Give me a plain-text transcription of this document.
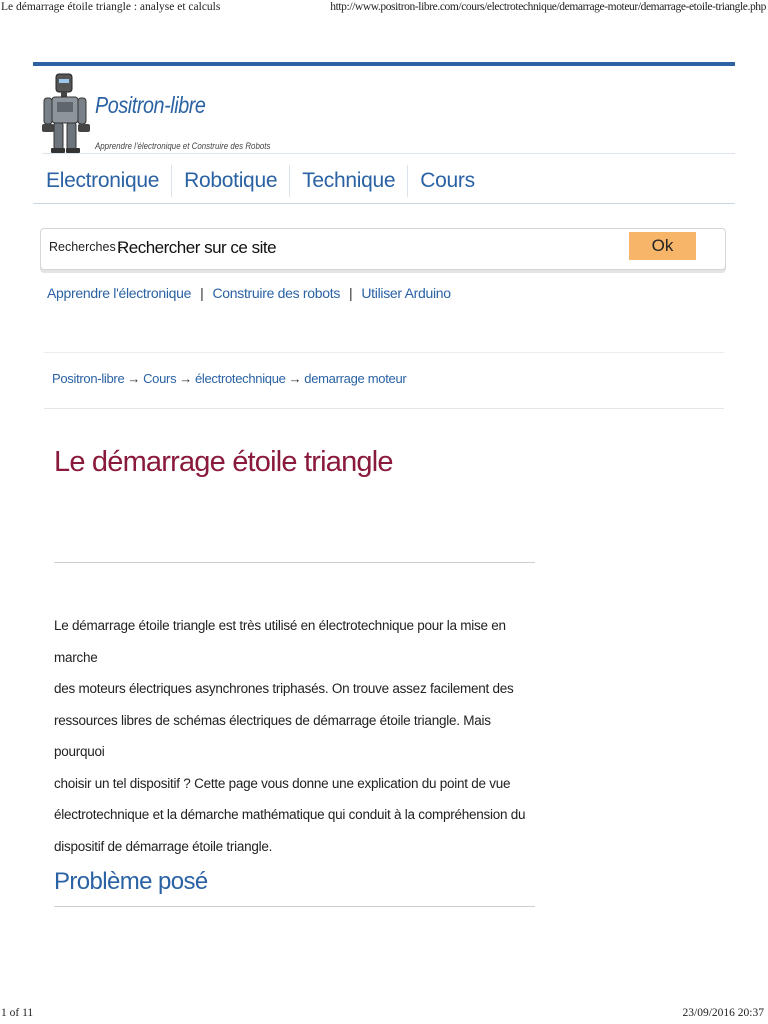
Le démarrage étoile triangle : analyse et calculs	http://www.positron-libre.com/cours/electrotechnique/demarrage-moteur/demarrage-etoile-triangle.php
Positron-libre
Apprendre l'électronique et Construire des Robots
Electronique	Robotique	Technique	Cours
Recherches :
Rechercher sur ce site	Ok
Apprendre l'électronique | Construire des robots | Utiliser Arduino
Positron-libre → Cours → électrotechnique → demarrage moteur
Le démarrage étoile triangle

Le démarrage étoile triangle est très utilisé en électrotechnique pour la mise en marche
des moteurs électriques asynchrones triphasés. On trouve assez facilement des
ressources libres de schémas électriques de démarrage étoile triangle. Mais pourquoi
choisir un tel dispositif ? Cette page vous donne une explication du point de vue
électrotechnique et la démarche mathématique qui conduit à la compréhension du
dispositif de démarrage étoile triangle.

Problème posé
1 of 11	23/09/2016 20:37
